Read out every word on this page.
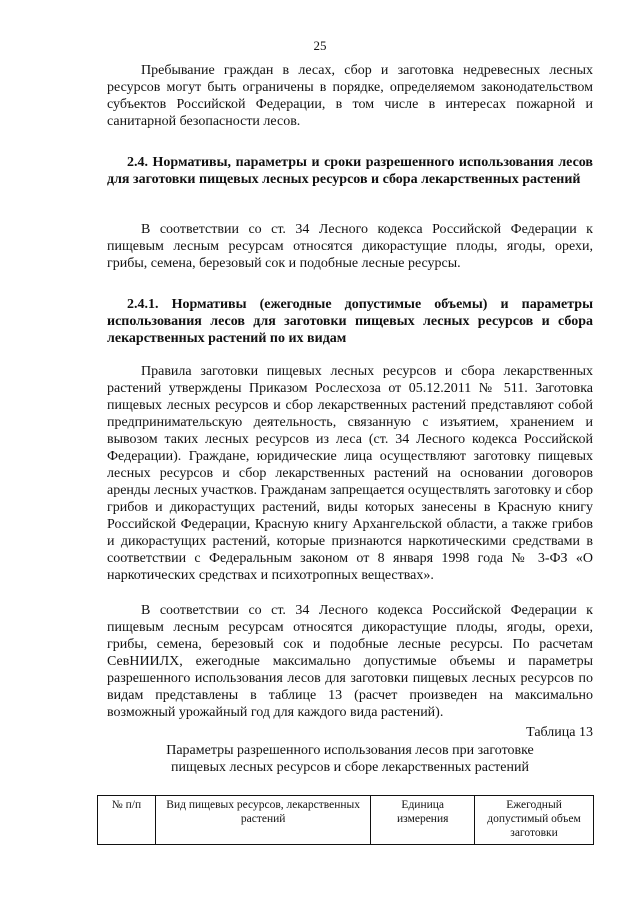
25

Пребывание граждан в лесах, сбор и заготовка недревесных лесных ресурсов могут быть ограничены в порядке, определяемом законодательством субъектов Российской Федерации, в том числе в интересах пожарной и санитарной безопасности лесов.

2.4. Нормативы, параметры и сроки разрешенного использования лесов для заготовки пищевых лесных ресурсов и сбора лекарственных растений

В соответствии со ст. 34 Лесного кодекса Российской Федерации к пищевым лесным ресурсам относятся дикорастущие плоды, ягоды, орехи, грибы, семена, березовый сок и подобные лесные ресурсы.

2.4.1. Нормативы (ежегодные допустимые объемы) и параметры использования лесов для заготовки пищевых лесных ресурсов и сбора лекарственных растений по их видам

Правила заготовки пищевых лесных ресурсов и сбора лекарственных растений утверждены Приказом Рослесхоза от 05.12.2011 № 511. Заготовка пищевых лесных ресурсов и сбор лекарственных растений представляют собой предпринимательскую деятельность, связанную с изъятием, хранением и вывозом таких лесных ресурсов из леса (ст. 34 Лесного кодекса Российской Федерации). Граждане, юридические лица осуществляют заготовку пищевых лесных ресурсов и сбор лекарственных растений на основании договоров аренды лесных участков. Гражданам запрещается осуществлять заготовку и сбор грибов и дикорастущих растений, виды которых занесены в Красную книгу Российской Федерации, Красную книгу Архангельской области, а также грибов и дикорастущих растений, которые признаются наркотическими средствами в соответствии с Федеральным законом от 8 января 1998 года № 3-ФЗ «О наркотических средствах и психотропных веществах».

В соответствии со ст. 34 Лесного кодекса Российской Федерации к пищевым лесным ресурсам относятся дикорастущие плоды, ягоды, орехи, грибы, семена, березовый сок и подобные лесные ресурсы. По расчетам СевНИИЛХ, ежегодные максимально допустимые объемы и параметры разрешенного использования лесов для заготовки пищевых лесных ресурсов по видам представлены в таблице 13 (расчет произведен на максимально возможный урожайный год для каждого вида растений).

Таблица 13
Параметры разрешенного использования лесов при заготовке пищевых лесных ресурсов и сборе лекарственных растений
№ п/п	Вид пищевых ресурсов, лекарственных растений	Единица измерения	Ежегодный допустимый объем заготовки
